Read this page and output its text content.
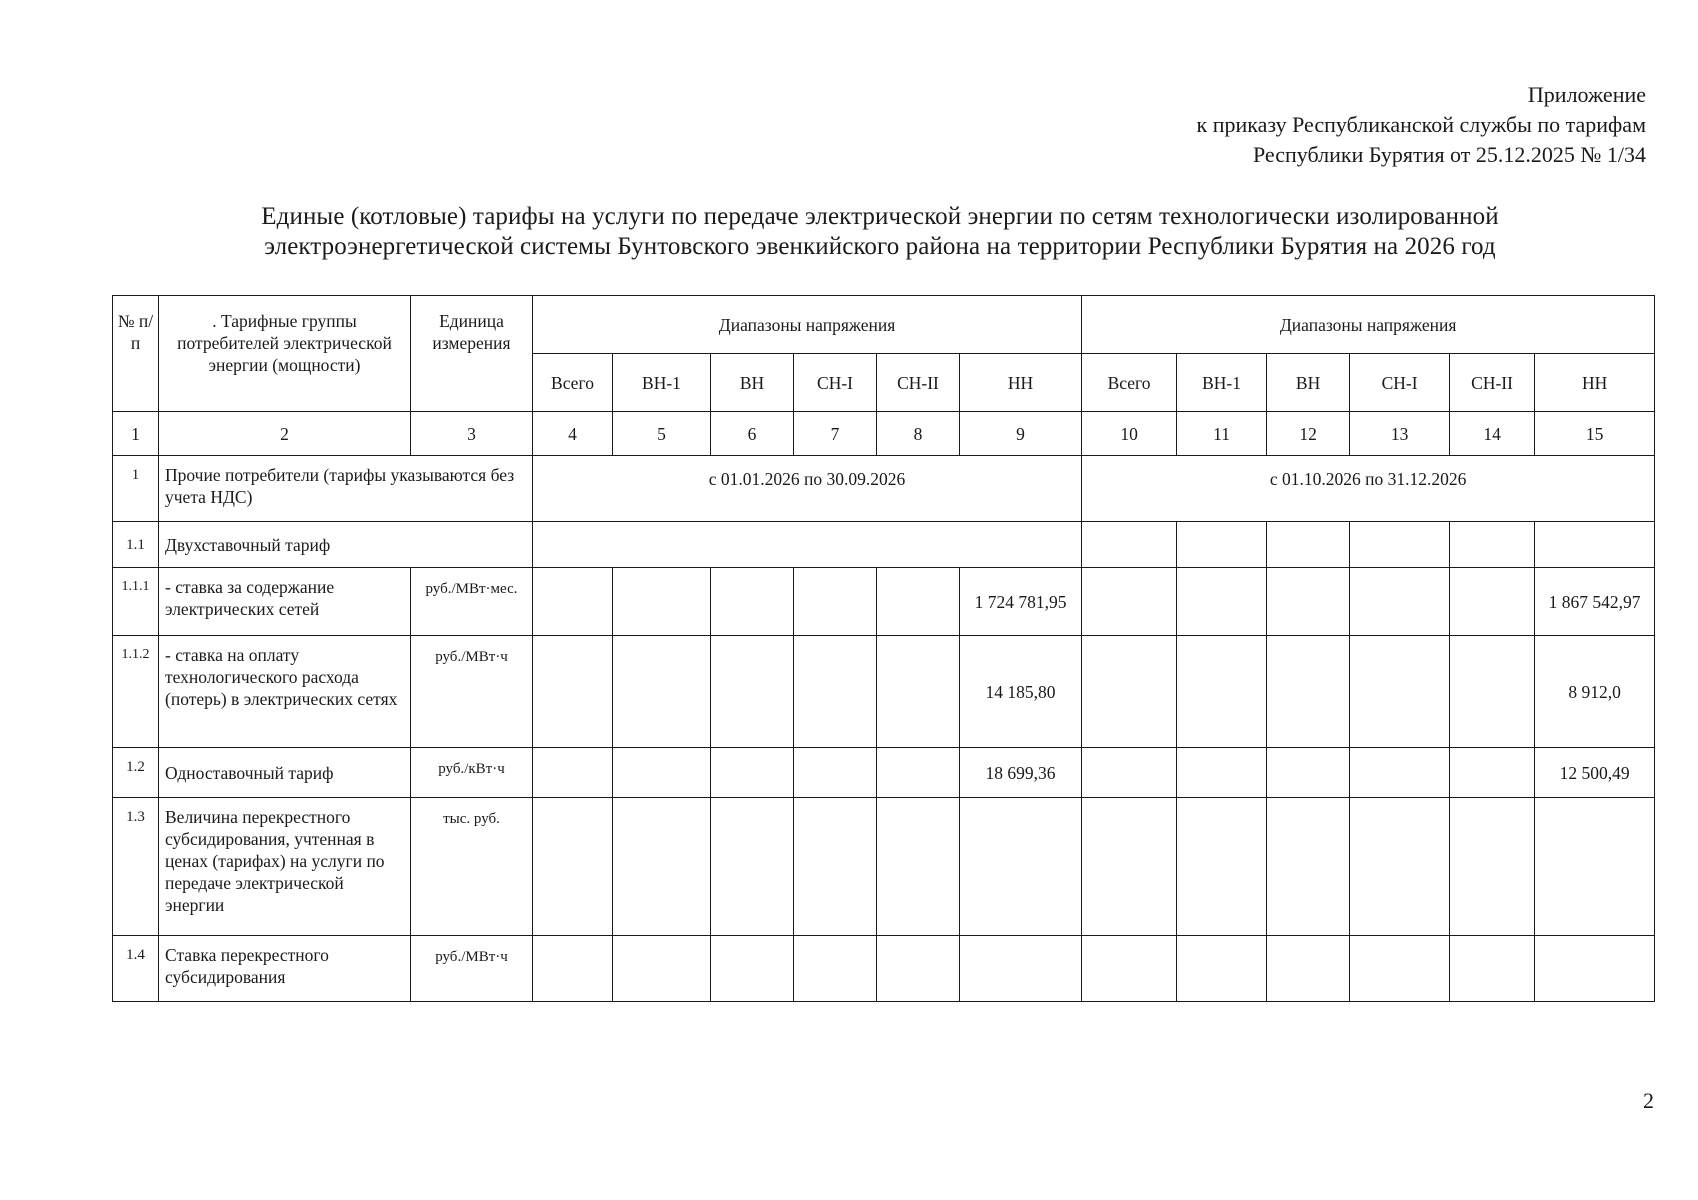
Приложение
к приказу Республиканской службы по тарифам
Республики Бурятия от 25.12.2025 № 1/34
Единые (котловые) тарифы на услуги по передаче электрической энергии по сетям технологически изолированной
электроэнергетической системы Бунтовского эвенкийского района на территории Республики Бурятия на 2026 год
№ п/п	. Тарифные группы потребителей электрической энергии (мощности)	Единица измерения	Диапазоны напряжения						Диапазоны напряжения					
			Всего	ВН-1	ВН	СН-I	СН-II	НН	Всего	ВН-1	ВН	СН-I	СН-II	НН
1	2	3	4	5	6	7	8	9	10	11	12	13	14	15
1	Прочие потребители (тарифы указываются без учета НДС)		с 01.01.2026 по 30.09.2026						с 01.10.2026 по 31.12.2026					
1.1	Двухставочный тариф													
1.1.1	- ставка за содержание электрических сетей	руб./МВт·мес.						1 724 781,95						1 867 542,97
1.1.2	- ставка на оплату технологического расхода (потерь) в электрических сетях	руб./МВт·ч						14 185,80						8 912,0
1.2	Одноставочный тариф	руб./кВт·ч						18 699,36						12 500,49
1.3	Величина перекрестного субсидирования, учтенная в ценах (тарифах) на услуги по передаче электрической энергии	тыс. руб.												
1.4	Ставка перекрестного субсидирования	руб./МВт·ч												
2
